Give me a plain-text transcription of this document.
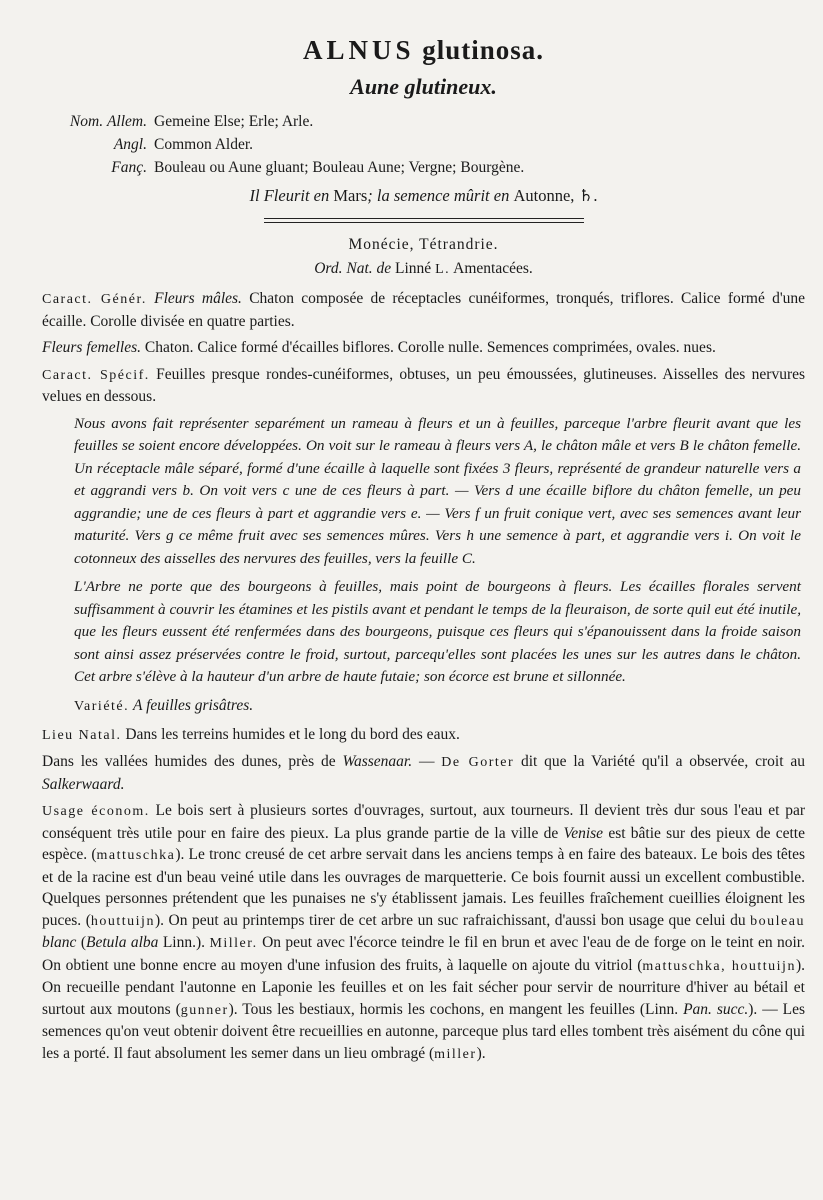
ALNUS glutinosa.
Aune glutineux.
Nom. Allem. Gemeine Else; Erle; Arle.
Angl. Common Alder.
Fanç. Bouleau ou Aune gluant; Bouleau Aune; Vergne; Bourgène.

Il Fleurit en Mars; la semence mûrit en Autonne, ♄.

Monécie, Tétrandrie.

Ord. Nat. de Linné L. Amentacées.

Caract. Génér. Fleurs mâles. Chaton composée de réceptacles cunéiformes, tronqués, triflores. Calice formé d'une écaille. Corolle divisée en quatre parties.

Fleurs femelles. Chaton. Calice formé d'écailles biflores. Corolle nulle. Semences comprimées, ovales. nues.

Caract. Spécif. Feuilles presque rondes-cunéiformes, obtuses, un peu émoussées, glutineuses. Aisselles des nervures velues en dessous.

Nous avons fait représenter separément un rameau à fleurs et un à feuilles, parceque l'arbre fleurit avant que les feuilles se soient encore développées. On voit sur le rameau à fleurs vers A, le châton mâle et vers B le châton femelle. Un réceptacle mâle séparé, formé d'une écaille à laquelle sont fixées 3 fleurs, représenté de grandeur naturelle vers a et aggrandi vers b. On voit vers c une de ces fleurs à part. — Vers d une écaille biflore du châton femelle, un peu aggrandie; une de ces fleurs à part et aggrandie vers e. — Vers f un fruit conique vert, avec ses semences avant leur maturité. Vers g ce même fruit avec ses semences mûres. Vers h une semence à part, et aggrandie vers i. On voit le cotonneux des aisselles des nervures des feuilles, vers la feuille C.

L'Arbre ne porte que des bourgeons à feuilles, mais point de bourgeons à fleurs. Les écailles florales servent suffisamment à couvrir les étamines et les pistils avant et pendant le temps de la fleuraison, de sorte quil eut été inutile, que les fleurs eussent été renfermées dans des bourgeons, puisque ces fleurs qui s'épanouissent dans la froide saison sont ainsi assez préservées contre le froid, surtout, parcequ'elles sont placées les unes sur les autres dans le châton. Cet arbre s'élève à la hauteur d'un arbre de haute futaie; son écorce est brune et sillonnée.

Variété. A feuilles grisâtres.

Lieu Natal. Dans les terreins humides et le long du bord des eaux.

Dans les vallées humides des dunes, près de Wassenaar. — De Gorter dit que la Variété qu'il a observée, croit au Salkerwaard.

Usage économ. Le bois sert à plusieurs sortes d'ouvrages, surtout, aux tourneurs. Il devient très dur sous l'eau et par conséquent très utile pour en faire des pieux. La plus grande partie de la ville de Venise est bâtie sur des pieux de cette espèce. (mattuschka). Le tronc creusé de cet arbre servait dans les anciens temps à en faire des bateaux. Le bois des têtes et de la racine est d'un beau veiné utile dans les ouvrages de marquetterie. Ce bois fournit aussi un excellent combustible. Quelques personnes prétendent que les punaises ne s'y établissent jamais. Les feuilles fraîchement cueillies éloignent les puces. (houttuijn). On peut au printemps tirer de cet arbre un suc rafraichissant, d'aussi bon usage que celui du bouleau blanc (Betula alba Linn.). Miller. On peut avec l'écorce teindre le fil en brun et avec l'eau de de forge on le teint en noir. On obtient une bonne encre au moyen d'une infusion des fruits, à laquelle on ajoute du vitriol (mattuschka, houttuijn). On recueille pendant l'autonne en Laponie les feuilles et on les fait sécher pour servir de nourriture d'hiver au bétail et surtout aux moutons (gunner). Tous les bestiaux, hormis les cochons, en mangent les feuilles (Linn. Pan. succ.). — Les semences qu'on veut obtenir doivent être recueillies en autonne, parceque plus tard elles tombent très aisément du cône qui les a porté. Il faut absolument les semer dans un lieu ombragé (miller).
